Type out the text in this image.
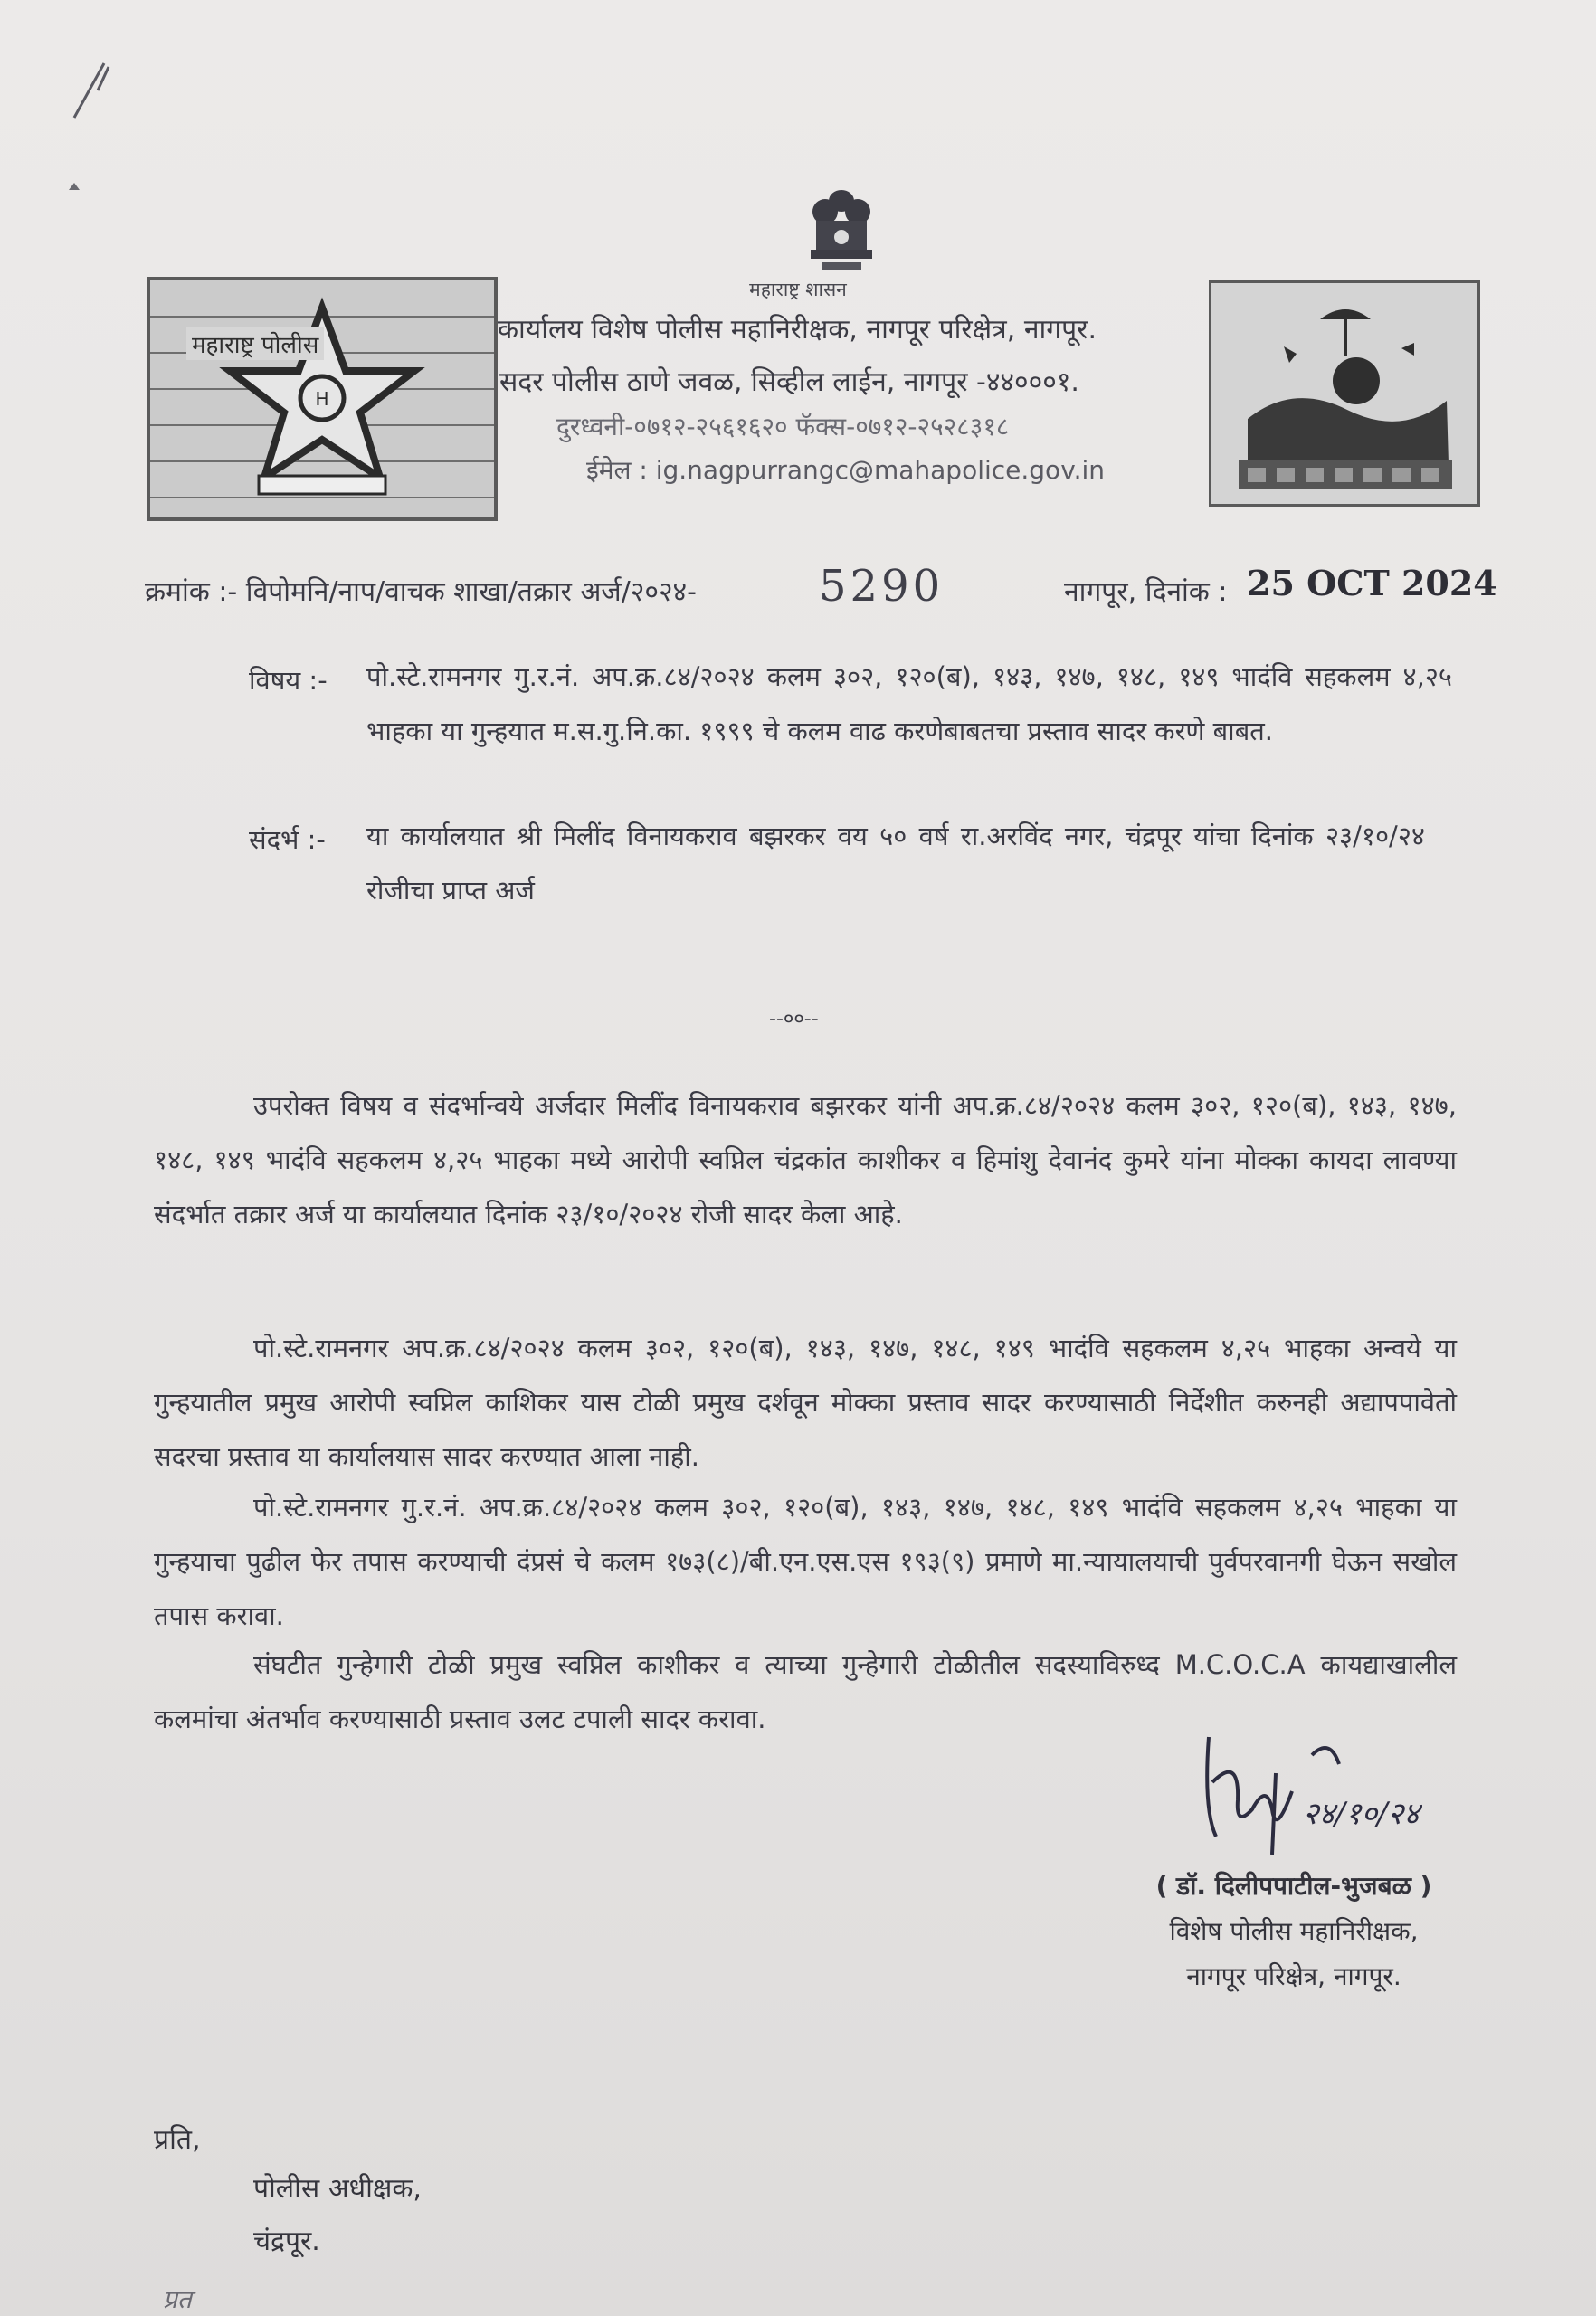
महाराष्ट्र शासन
कार्यालय विशेष पोलीस महानिरीक्षक, नागपूर परिक्षेत्र, नागपूर.
सदर पोलीस ठाणे जवळ, सिव्हील लाईन, नागपूर -४४०००१.
दुरध्वनी-०७१२-२५६१६२० फॅक्स-०७१२-२५२८३१८
ईमेल : ig.nagpurrangc@mahapolice.gov.in
H
महाराष्ट्र पोलीस
क्रमांक :- विपोमनि/नाप/वाचक शाखा/तक्रार अर्ज/२०२४-	5290	नागपूर, दिनांक : 25 OCT 2024
विषय :- पो.स्टे.रामनगर गु.र.नं. अप.क्र.८४/२०२४ कलम ३०२, १२०(ब), १४३, १४७, १४८, १४९ भादंवि सहकलम ४,२५ भाहका या गुन्हयात म.स.गु.नि.का. १९९९ चे कलम वाढ करणेबाबतचा प्रस्ताव सादर करणे बाबत.
संदर्भ :- या कार्यालयात श्री मिलींद विनायकराव बझरकर वय ५० वर्ष रा.अरविंद नगर, चंद्रपूर यांचा दिनांक २३/१०/२४ रोजीचा प्राप्त अर्ज
--००--
उपरोक्त विषय व संदर्भान्वये अर्जदार मिलींद विनायकराव बझरकर यांनी अप.क्र.८४/२०२४ कलम ३०२, १२०(ब), १४३, १४७, १४८, १४९ भादंवि सहकलम ४,२५ भाहका मध्ये आरोपी स्वप्निल चंद्रकांत काशीकर व हिमांशु देवानंद कुमरे यांना मोक्का कायदा लावण्या संदर्भात तक्रार अर्ज या कार्यालयात दिनांक २३/१०/२०२४ रोजी सादर केला आहे.
पो.स्टे.रामनगर अप.क्र.८४/२०२४ कलम ३०२, १२०(ब), १४३, १४७, १४८, १४९ भादंवि सहकलम ४,२५ भाहका अन्वये या गुन्हयातील प्रमुख आरोपी स्वप्निल काशिकर यास टोळी प्रमुख दर्शवून मोक्का प्रस्ताव सादर करण्यासाठी निर्देशीत करुनही अद्यापपावेतो सदरचा प्रस्ताव या कार्यालयास सादर करण्यात आला नाही.
पो.स्टे.रामनगर गु.र.नं. अप.क्र.८४/२०२४ कलम ३०२, १२०(ब), १४३, १४७, १४८, १४९ भादंवि सहकलम ४,२५ भाहका या गुन्हयाचा पुढील फेर तपास करण्याची दंप्रसं चे कलम १७३(८)/बी.एन.एस.एस १९३(९) प्रमाणे मा.न्यायालयाची पुर्वपरवानगी घेऊन सखोल तपास करावा.
संघटीत गुन्हेगारी टोळी प्रमुख स्वप्निल काशीकर व त्याच्या गुन्हेगारी टोळीतील सदस्याविरुध्द M.C.O.C.A कायद्याखालील कलमांचा अंतर्भाव करण्यासाठी प्रस्ताव उलट टपाली सादर करावा.
२४/१०/२४
( डॉ. दिलीपपाटील-भुजबळ )
विशेष पोलीस महानिरीक्षक,
नागपूर परिक्षेत्र, नागपूर.
प्रति,
पोलीस अधीक्षक,
चंद्रपूर.
प्रत
